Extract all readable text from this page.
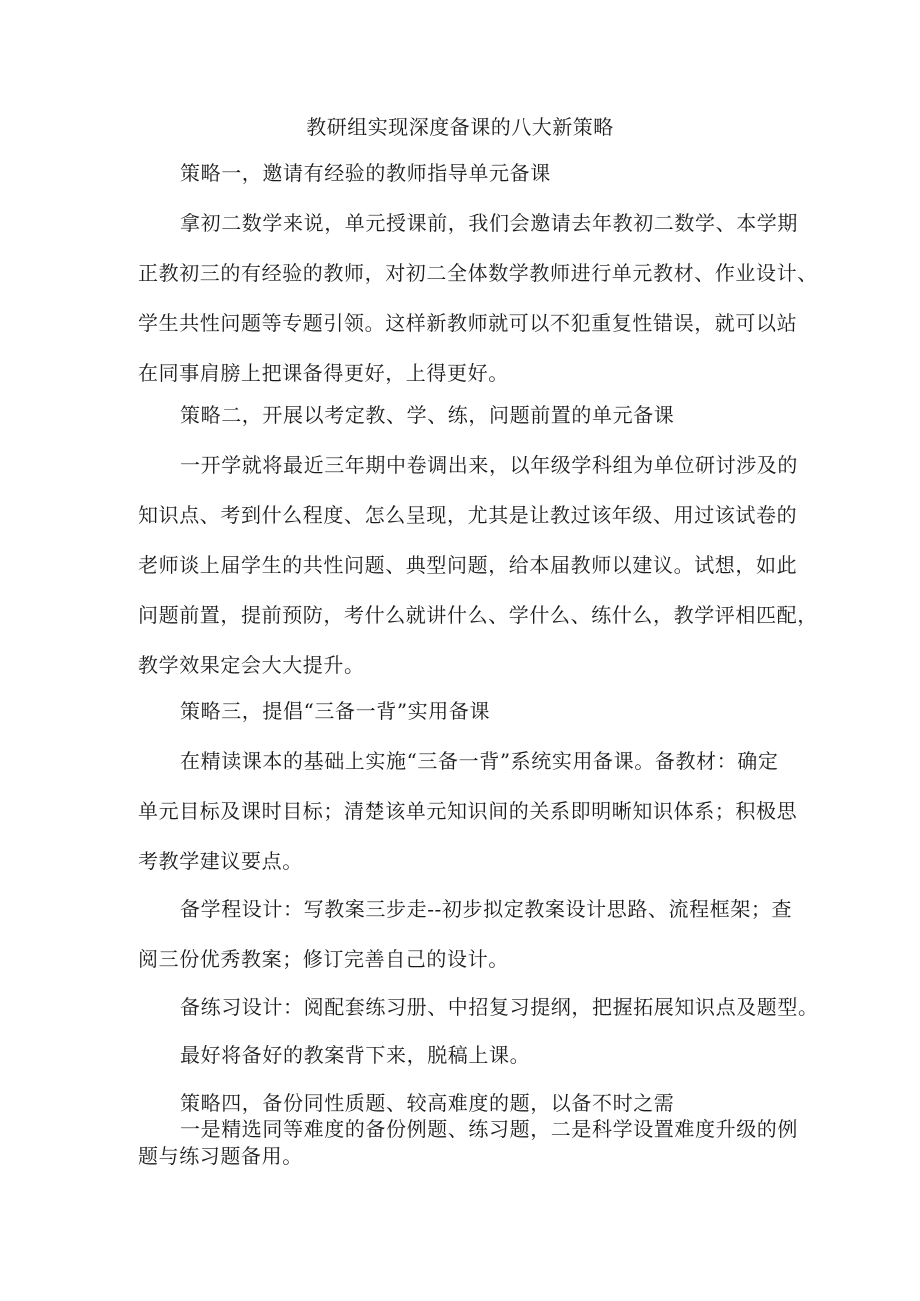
教研组实现深度备课的八大新策略
策略一，邀请有经验的教师指导单元备课
拿初二数学来说，单元授课前，我们会邀请去年教初二数学、本学期
正教初三的有经验的教师，对初二全体数学教师进行单元教材、作业设计、
学生共性问题等专题引领。这样新教师就可以不犯重复性错误，就可以站
在同事肩膀上把课备得更好，上得更好。
策略二，开展以考定教、学、练，问题前置的单元备课
一开学就将最近三年期中卷调出来，以年级学科组为单位研讨涉及的
知识点、考到什么程度、怎么呈现，尤其是让教过该年级、用过该试卷的
老师谈上届学生的共性问题、典型问题，给本届教师以建议。试想，如此
问题前置，提前预防，考什么就讲什么、学什么、练什么，教学评相匹配，
教学效果定会大大提升。
策略三，提倡“三备一背”实用备课
在精读课本的基础上实施“三备一背”系统实用备课。备教材：确定
单元目标及课时目标；清楚该单元知识间的关系即明晰知识体系；积极思
考教学建议要点。
备学程设计：写教案三步走--初步拟定教案设计思路、流程框架；查
阅三份优秀教案；修订完善自己的设计。
备练习设计：阅配套练习册、中招复习提纲，把握拓展知识点及题型。
最好将备好的教案背下来，脱稿上课。
策略四，备份同性质题、较高难度的题，以备不时之需
一是精选同等难度的备份例题、练习题，二是科学设置难度升级的例
题与练习题备用。
